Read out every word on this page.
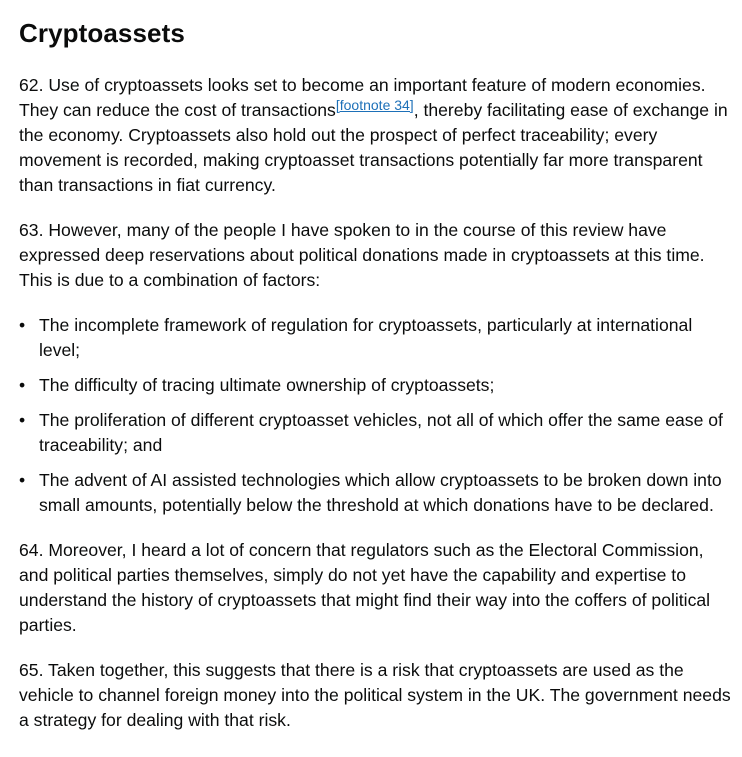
Cryptoassets

62. Use of cryptoassets looks set to become an important feature of modern economies. They can reduce the cost of transactions[footnote 34], thereby facilitating ease of exchange in the economy. Cryptoassets also hold out the prospect of perfect traceability; every movement is recorded, making cryptoasset transactions potentially far more transparent than transactions in fiat currency.

63. However, many of the people I have spoken to in the course of this review have expressed deep reservations about political donations made in cryptoassets at this time. This is due to a combination of factors:

• The incomplete framework of regulation for cryptoassets, particularly at international level;
• The difficulty of tracing ultimate ownership of cryptoassets;
• The proliferation of different cryptoasset vehicles, not all of which offer the same ease of traceability; and
• The advent of AI assisted technologies which allow cryptoassets to be broken down into small amounts, potentially below the threshold at which donations have to be declared.

64. Moreover, I heard a lot of concern that regulators such as the Electoral Commission, and political parties themselves, simply do not yet have the capability and expertise to understand the history of cryptoassets that might find their way into the coffers of political parties.

65. Taken together, this suggests that there is a risk that cryptoassets are used as the vehicle to channel foreign money into the political system in the UK. The government needs a strategy for dealing with that risk.
